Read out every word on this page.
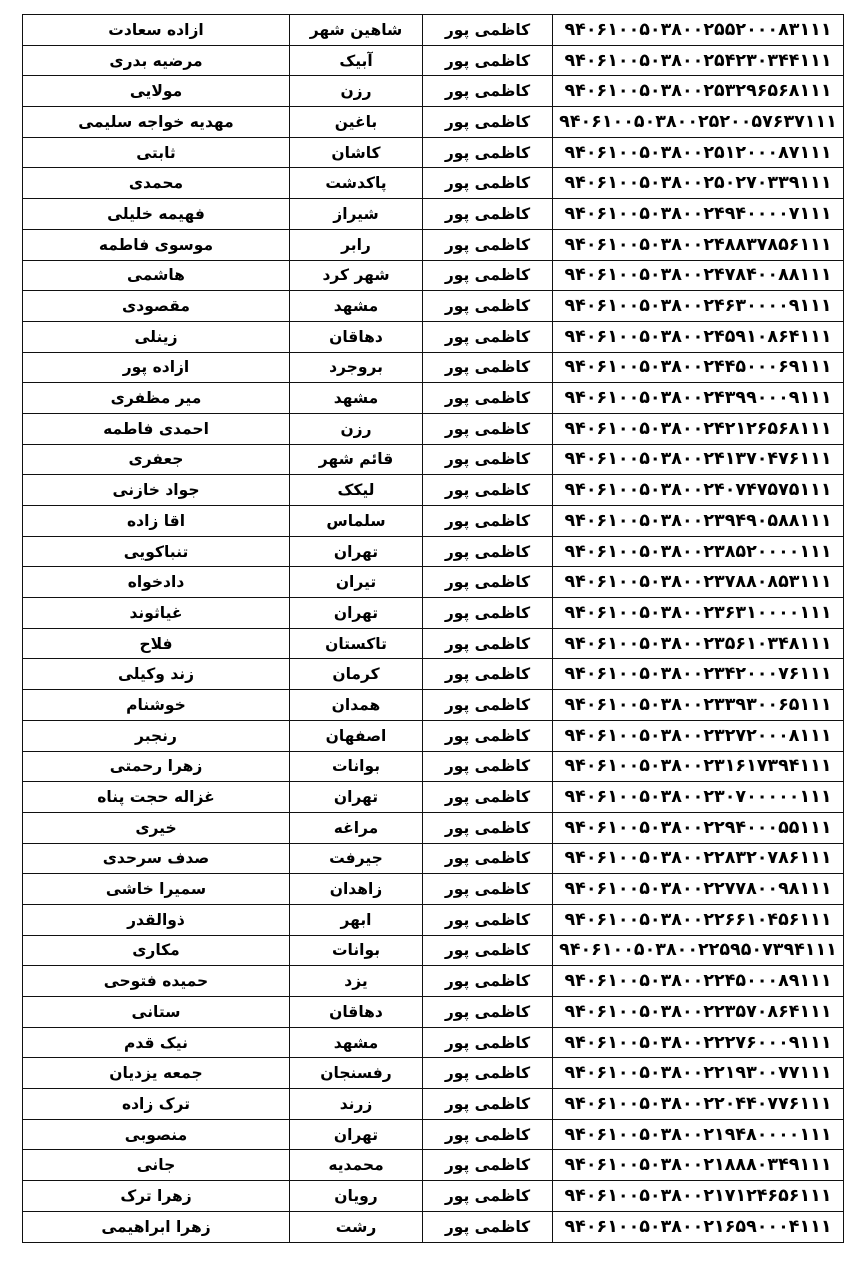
۹۴۰۶۱۰۰۵۰۳۸۰۰۲۵۵۲۰۰۰۸۳۱۱۱	کاظمی پور	شاهین شهر	ازاده سعادت
۹۴۰۶۱۰۰۵۰۳۸۰۰۲۵۴۲۳۰۳۴۴۱۱۱	کاظمی پور	آبیک	مرضیه بدری
۹۴۰۶۱۰۰۵۰۳۸۰۰۲۵۳۲۹۶۵۶۸۱۱۱	کاظمی پور	رزن	مولایی
۹۴۰۶۱۰۰۵۰۳۸۰۰۲۵۲۰۰۵۷۶۳۷۱۱۱	کاظمی پور	باغین	مهدیه خواجه سلیمی
۹۴۰۶۱۰۰۵۰۳۸۰۰۲۵۱۲۰۰۰۸۷۱۱۱	کاظمی پور	کاشان	ثابتی
۹۴۰۶۱۰۰۵۰۳۸۰۰۲۵۰۲۷۰۳۳۹۱۱۱	کاظمی پور	پاکدشت	محمدی
۹۴۰۶۱۰۰۵۰۳۸۰۰۲۴۹۴۰۰۰۰۷۱۱۱	کاظمی پور	شیراز	فهیمه خلیلی
۹۴۰۶۱۰۰۵۰۳۸۰۰۲۴۸۸۳۷۸۵۶۱۱۱	کاظمی پور	رابر	موسوی فاطمه
۹۴۰۶۱۰۰۵۰۳۸۰۰۲۴۷۸۴۰۰۸۸۱۱۱	کاظمی پور	شهر کرد	هاشمی
۹۴۰۶۱۰۰۵۰۳۸۰۰۲۴۶۳۰۰۰۰۹۱۱۱	کاظمی پور	مشهد	مقصودی
۹۴۰۶۱۰۰۵۰۳۸۰۰۲۴۵۹۱۰۸۶۴۱۱۱	کاظمی پور	دهاقان	زینلی
۹۴۰۶۱۰۰۵۰۳۸۰۰۲۴۴۵۰۰۰۶۹۱۱۱	کاظمی پور	بروجرد	ازاده پور
۹۴۰۶۱۰۰۵۰۳۸۰۰۲۴۳۹۹۰۰۰۹۱۱۱	کاظمی پور	مشهد	میر مظفری
۹۴۰۶۱۰۰۵۰۳۸۰۰۲۴۲۱۲۶۵۶۸۱۱۱	کاظمی پور	رزن	احمدی فاطمه
۹۴۰۶۱۰۰۵۰۳۸۰۰۲۴۱۳۷۰۴۷۶۱۱۱	کاظمی پور	قائم شهر	جعفری
۹۴۰۶۱۰۰۵۰۳۸۰۰۲۴۰۷۴۷۵۷۵۱۱۱	کاظمی پور	لیکک	جواد خازنی
۹۴۰۶۱۰۰۵۰۳۸۰۰۲۳۹۴۹۰۵۸۸۱۱۱	کاظمی پور	سلماس	اقا زاده
۹۴۰۶۱۰۰۵۰۳۸۰۰۲۳۸۵۲۰۰۰۰۱۱۱	کاظمی پور	تهران	تنباکویی
۹۴۰۶۱۰۰۵۰۳۸۰۰۲۳۷۸۸۰۸۵۳۱۱۱	کاظمی پور	تیران	دادخواه
۹۴۰۶۱۰۰۵۰۳۸۰۰۲۳۶۳۱۰۰۰۰۱۱۱	کاظمی پور	تهران	غیاثوند
۹۴۰۶۱۰۰۵۰۳۸۰۰۲۳۵۶۱۰۳۴۸۱۱۱	کاظمی پور	تاکستان	فلاح
۹۴۰۶۱۰۰۵۰۳۸۰۰۲۳۴۲۰۰۰۷۶۱۱۱	کاظمی پور	کرمان	زند وکیلی
۹۴۰۶۱۰۰۵۰۳۸۰۰۲۳۳۹۳۰۰۶۵۱۱۱	کاظمی پور	همدان	خوشنام
۹۴۰۶۱۰۰۵۰۳۸۰۰۲۳۲۷۲۰۰۰۸۱۱۱	کاظمی پور	اصفهان	رنجبر
۹۴۰۶۱۰۰۵۰۳۸۰۰۲۳۱۶۱۷۳۹۴۱۱۱	کاظمی پور	بوانات	زهرا رحمتی
۹۴۰۶۱۰۰۵۰۳۸۰۰۲۳۰۷۰۰۰۰۰۱۱۱	کاظمی پور	تهران	غزاله حجت پناه
۹۴۰۶۱۰۰۵۰۳۸۰۰۲۲۹۴۰۰۰۵۵۱۱۱	کاظمی پور	مراغه	خیری
۹۴۰۶۱۰۰۵۰۳۸۰۰۲۲۸۳۲۰۷۸۶۱۱۱	کاظمی پور	جیرفت	صدف سرحدی
۹۴۰۶۱۰۰۵۰۳۸۰۰۲۲۷۷۸۰۰۹۸۱۱۱	کاظمی پور	زاهدان	سمیرا خاشی
۹۴۰۶۱۰۰۵۰۳۸۰۰۲۲۶۶۱۰۴۵۶۱۱۱	کاظمی پور	ابهر	ذوالقدر
۹۴۰۶۱۰۰۵۰۳۸۰۰۲۲۵۹۵۰۷۳۹۴۱۱۱	کاظمی پور	بوانات	مکاری
۹۴۰۶۱۰۰۵۰۳۸۰۰۲۲۴۵۰۰۰۸۹۱۱۱	کاظمی پور	یزد	حمیده فتوحی
۹۴۰۶۱۰۰۵۰۳۸۰۰۲۲۳۵۷۰۸۶۴۱۱۱	کاظمی پور	دهاقان	ستانی
۹۴۰۶۱۰۰۵۰۳۸۰۰۲۲۲۷۶۰۰۰۹۱۱۱	کاظمی پور	مشهد	نیک قدم
۹۴۰۶۱۰۰۵۰۳۸۰۰۲۲۱۹۳۰۰۷۷۱۱۱	کاظمی پور	رفسنجان	جمعه یزدیان
۹۴۰۶۱۰۰۵۰۳۸۰۰۲۲۰۴۴۰۷۷۶۱۱۱	کاظمی پور	زرند	ترک زاده
۹۴۰۶۱۰۰۵۰۳۸۰۰۲۱۹۴۸۰۰۰۰۱۱۱	کاظمی پور	تهران	منصوبی
۹۴۰۶۱۰۰۵۰۳۸۰۰۲۱۸۸۸۰۳۴۹۱۱۱	کاظمی پور	محمدیه	جانی
۹۴۰۶۱۰۰۵۰۳۸۰۰۲۱۷۱۲۴۶۵۶۱۱۱	کاظمی پور	رویان	زهرا ترک
۹۴۰۶۱۰۰۵۰۳۸۰۰۲۱۶۵۹۰۰۰۴۱۱۱	کاظمی پور	رشت	زهرا ابراهیمی
